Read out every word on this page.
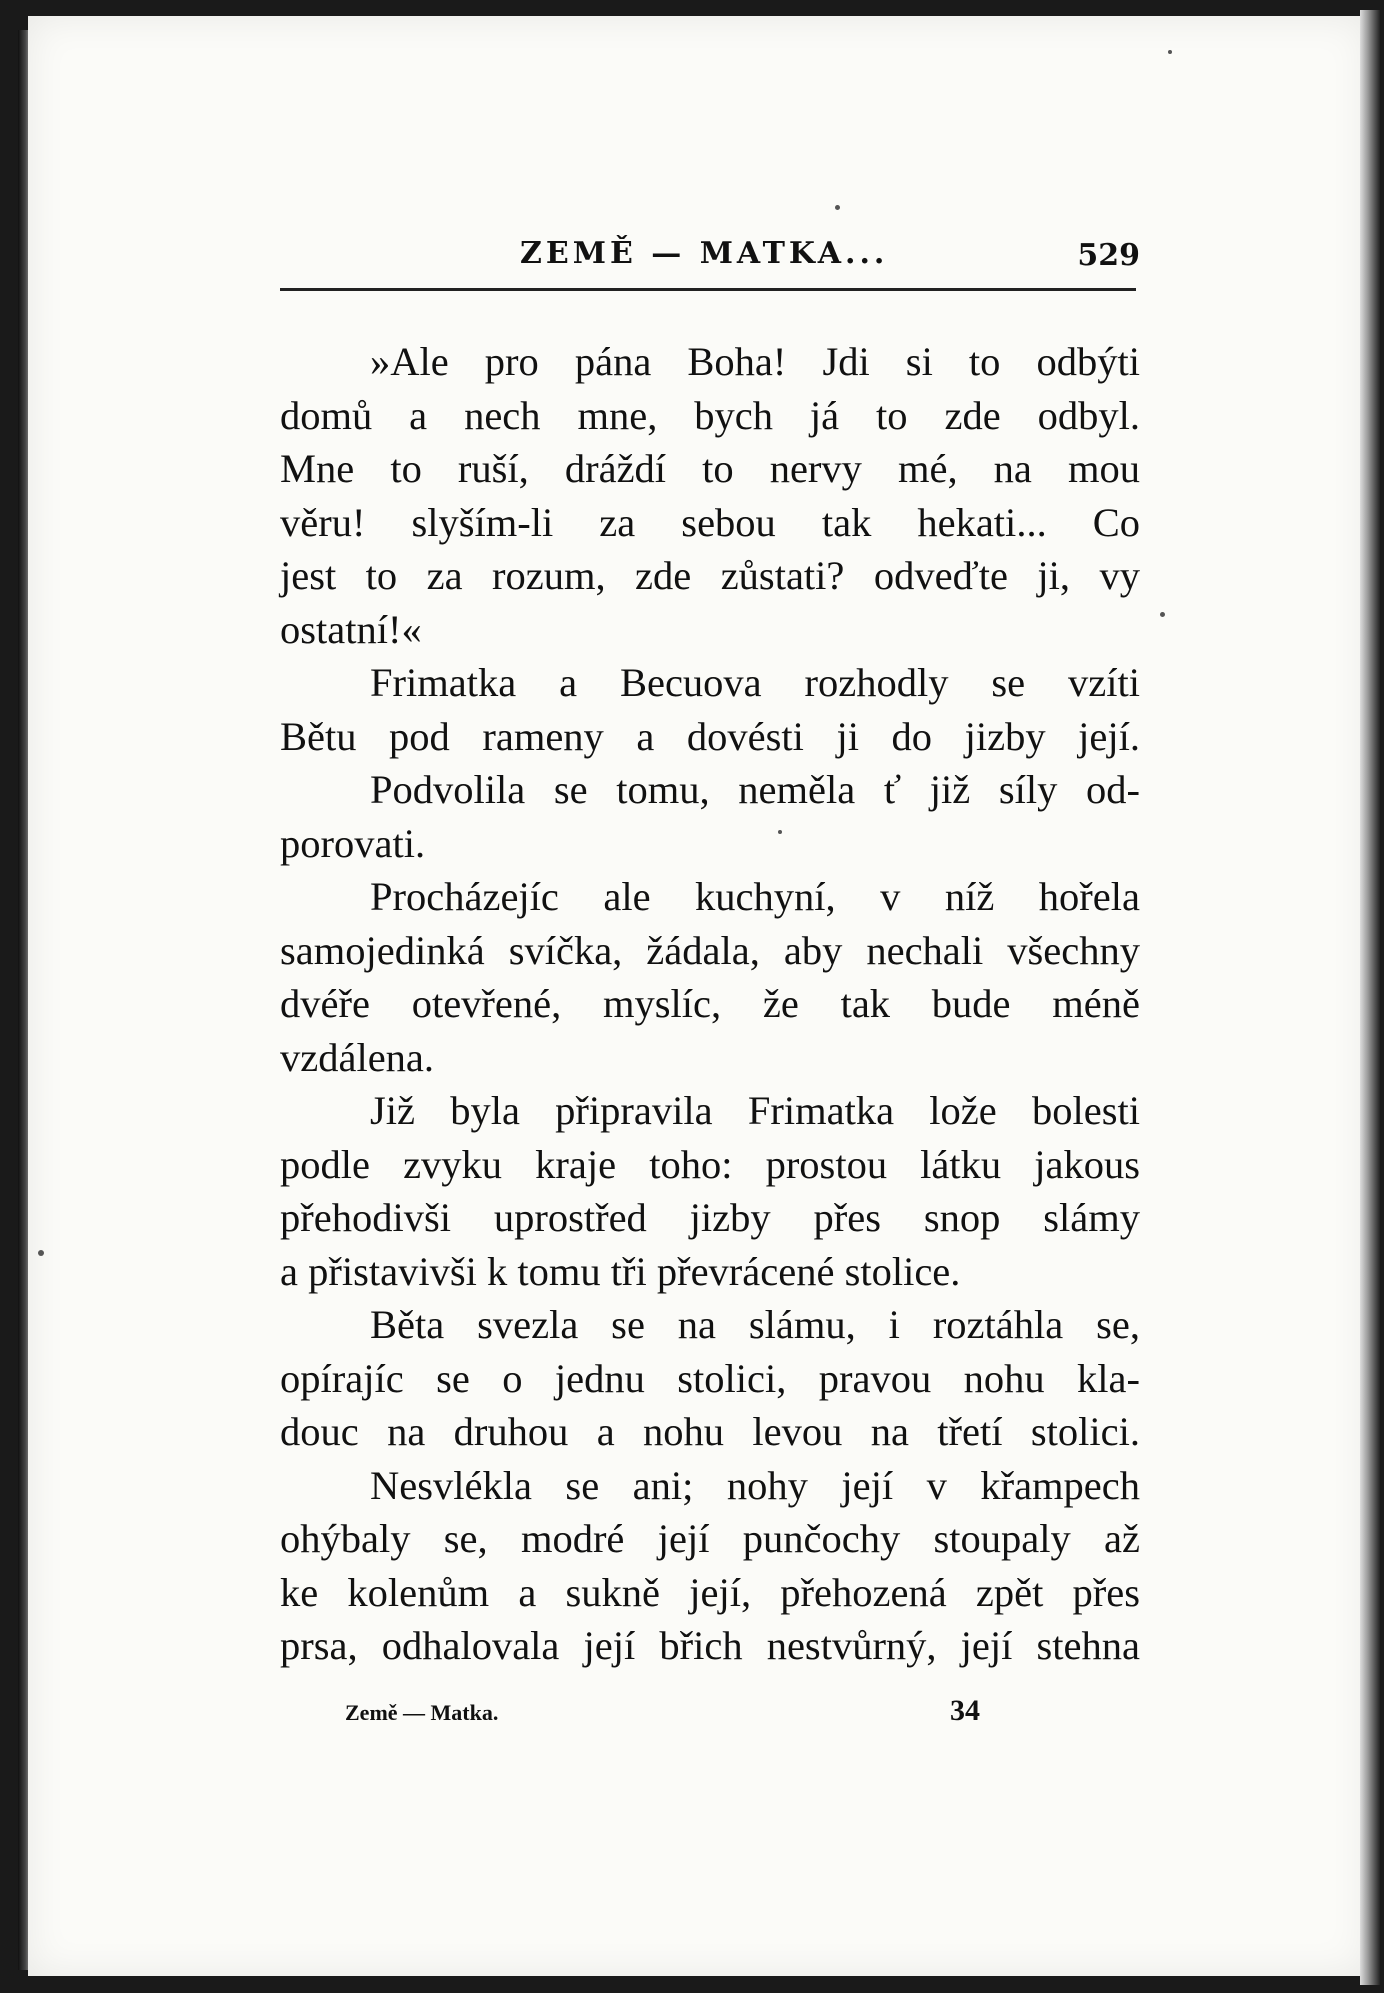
ZEMĚ — MATKA...	529
»Ale pro pána Boha! Jdi si to odbýti
domů a nech mne, bych já to zde odbyl.
Mne to ruší, dráždí to nervy mé, na mou
věru! slyším-li za sebou tak hekati... Co
jest to za rozum, zde zůstati? odveďte ji, vy
ostatní!«
Frimatka a Becuova rozhodly se vzíti
Bětu pod rameny a dovésti ji do jizby její.
Podvolila se tomu, neměla ť již síly od-
porovati.
Procházejíc ale kuchyní, v níž hořela
samojedinká svíčka, žádala, aby nechali všechny
dvéře otevřené, myslíc, že tak bude méně
vzdálena.
Již byla připravila Frimatka lože bolesti
podle zvyku kraje toho: prostou látku jakous
přehodivši uprostřed jizby přes snop slámy
a přistavivši k tomu tři převrácené stolice.
Běta svezla se na slámu, i roztáhla se,
opírajíc se o jednu stolici, pravou nohu kla-
douc na druhou a nohu levou na třetí stolici.
Nesvlékla se ani; nohy její v křampech
ohýbaly se, modré její punčochy stoupaly až
ke kolenům a sukně její, přehozená zpět přes
prsa, odhalovala její břich nestvůrný, její stehna
Země — Matka.	34
